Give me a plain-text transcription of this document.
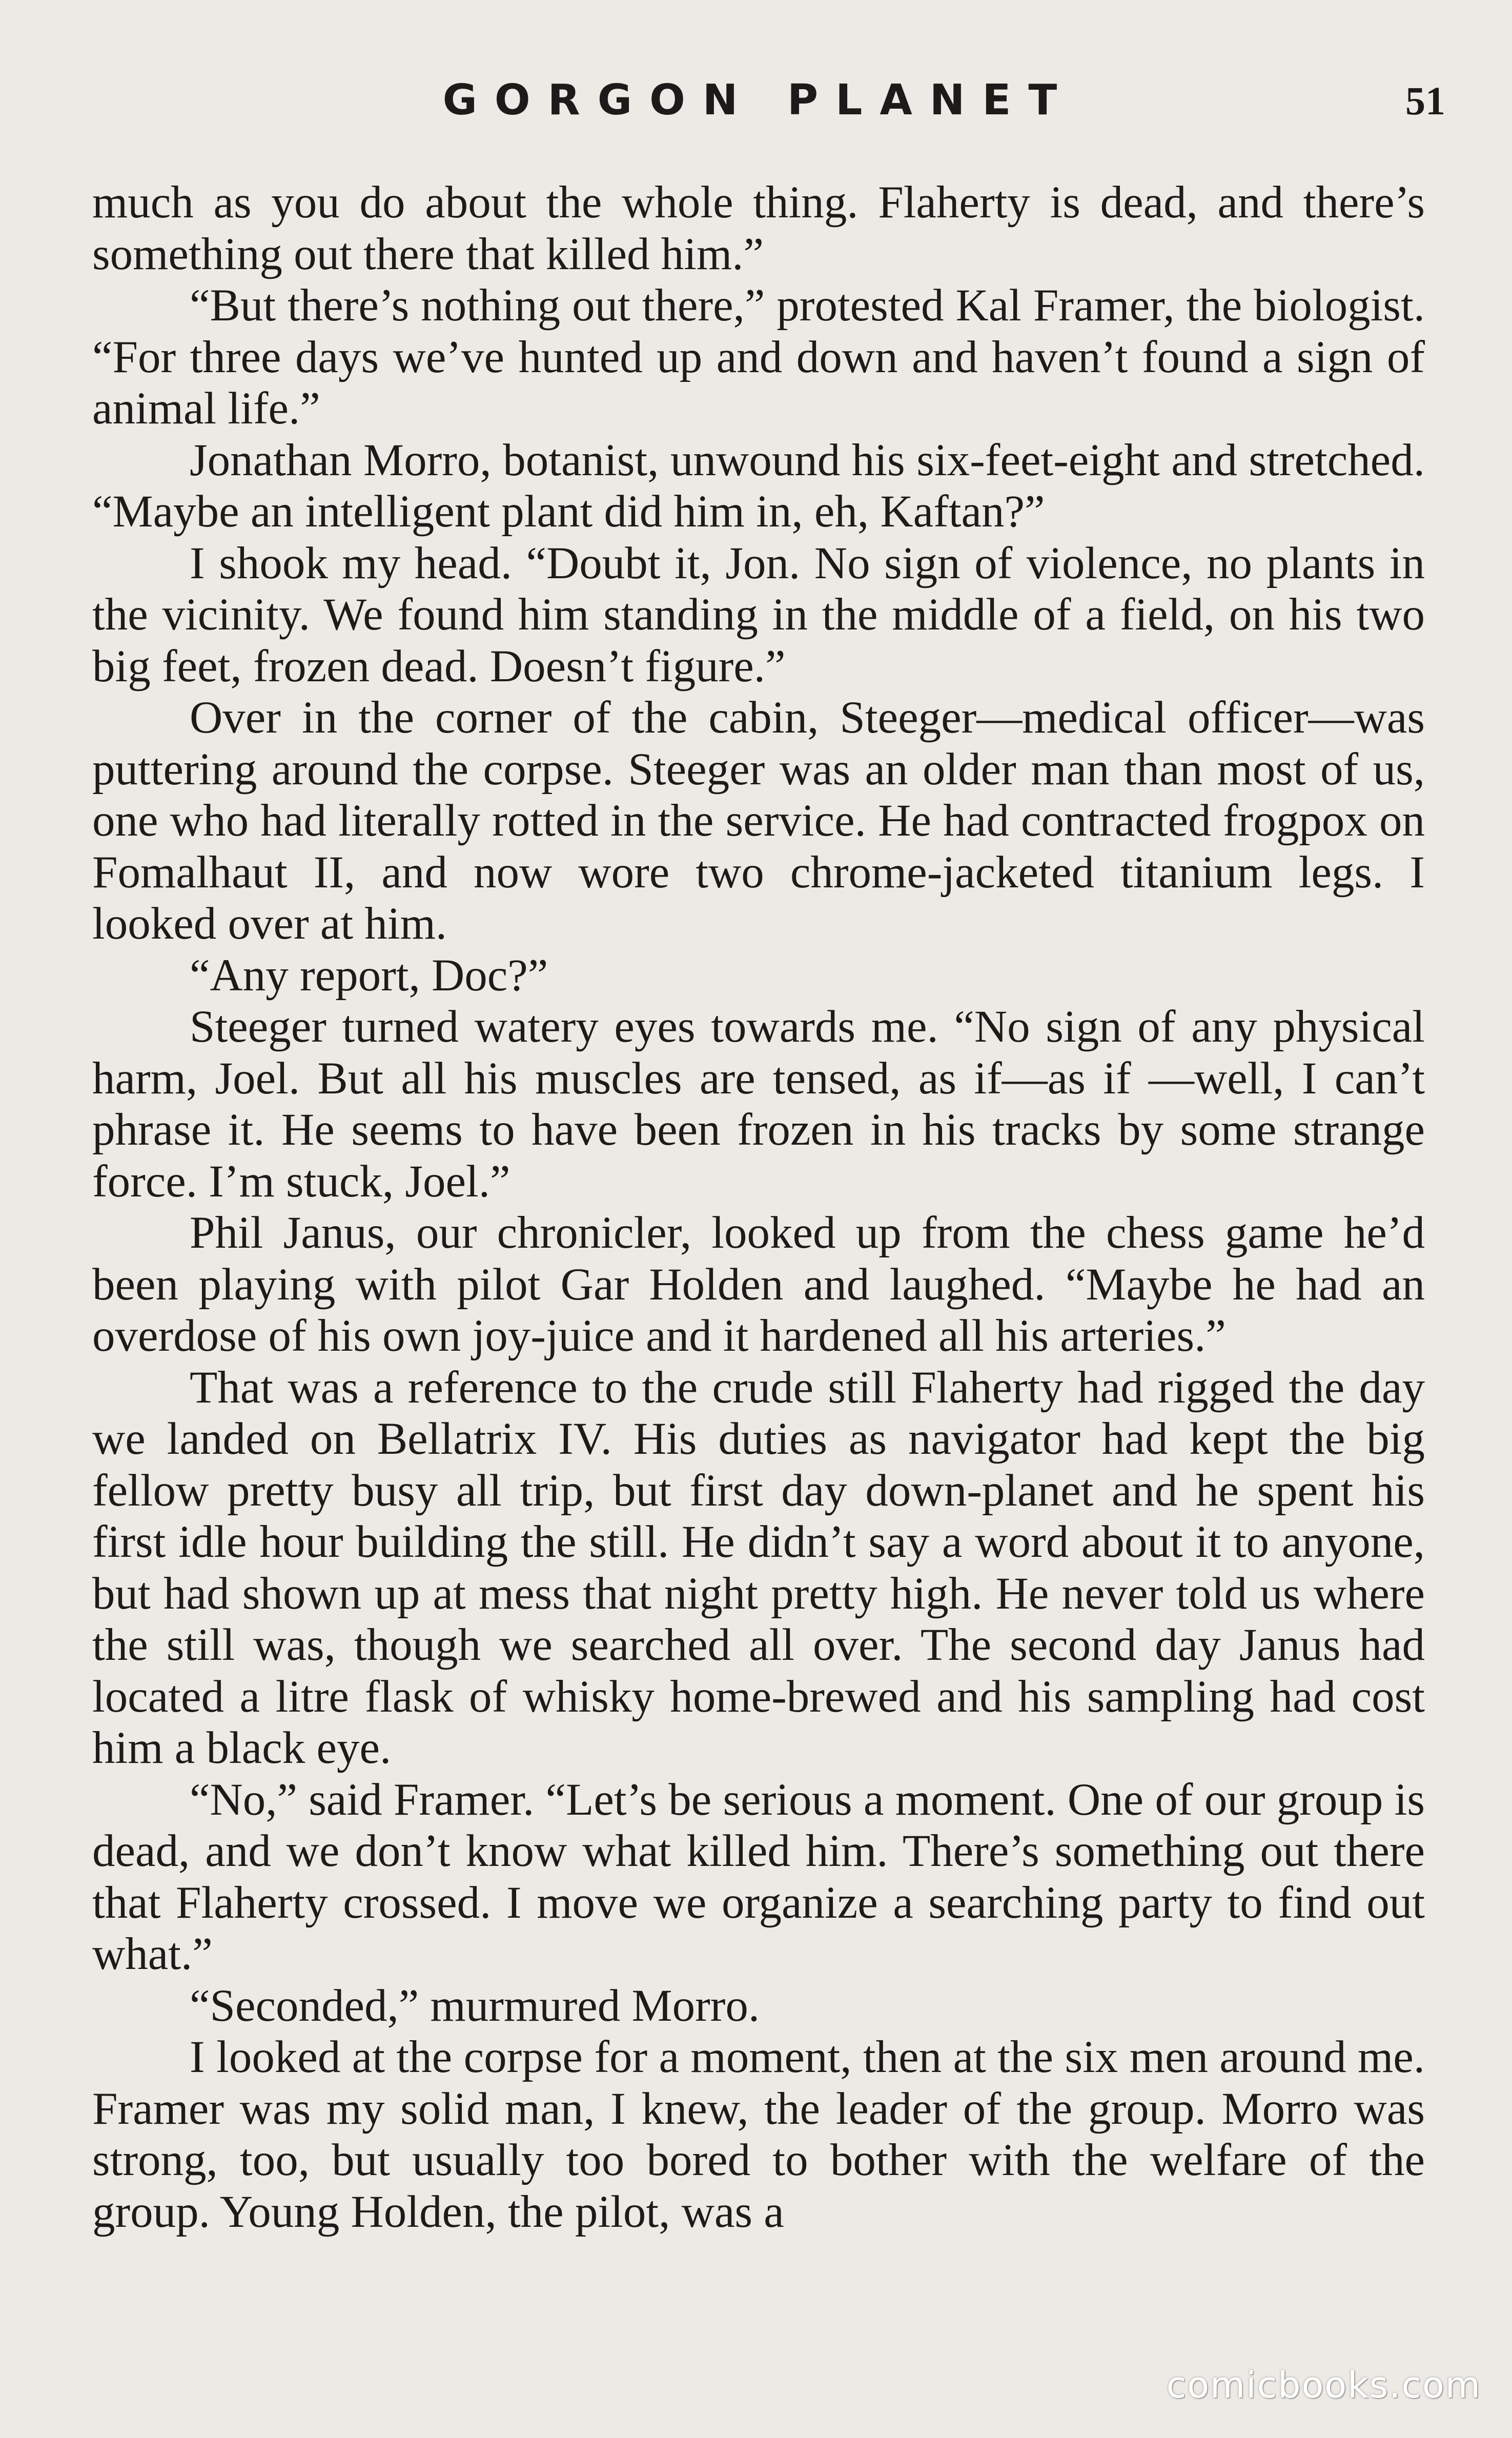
GORGON PLANET	51

much as you do about the whole thing. Flaherty is dead, and there’s something out there that killed him.”

“But there’s nothing out there,” protested Kal Framer, the biologist. “For three days we’ve hunted up and down and haven’t found a sign of animal life.”

Jonathan Morro, botanist, unwound his six-feet-eight and stretched. “Maybe an intelligent plant did him in, eh, Kaftan?”

I shook my head. “Doubt it, Jon. No sign of violence, no plants in the vicinity. We found him standing in the middle of a field, on his two big feet, frozen dead. Doesn’t figure.”

Over in the corner of the cabin, Steeger—medical officer—was puttering around the corpse. Steeger was an older man than most of us, one who had literally rotted in the service. He had contracted frogpox on Fomalhaut II, and now wore two chrome-jacketed titanium legs. I looked over at him.

“Any report, Doc?”

Steeger turned watery eyes towards me. “No sign of any physical harm, Joel. But all his muscles are tensed, as if—as if —well, I can’t phrase it. He seems to have been frozen in his tracks by some strange force. I’m stuck, Joel.”

Phil Janus, our chronicler, looked up from the chess game he’d been playing with pilot Gar Holden and laughed. “Maybe he had an overdose of his own joy-juice and it hardened all his arteries.”

That was a reference to the crude still Flaherty had rigged the day we landed on Bellatrix IV. His duties as navigator had kept the big fellow pretty busy all trip, but first day down-planet and he spent his first idle hour building the still. He didn’t say a word about it to anyone, but had shown up at mess that night pretty high. He never told us where the still was, though we searched all over. The second day Janus had located a litre flask of whisky home-brewed and his sampling had cost him a black eye.

“No,” said Framer. “Let’s be serious a moment. One of our group is dead, and we don’t know what killed him. There’s something out there that Flaherty crossed. I move we organize a searching party to find out what.”

“Seconded,” murmured Morro.

I looked at the corpse for a moment, then at the six men around me. Framer was my solid man, I knew, the leader of the group. Morro was strong, too, but usually too bored to bother with the welfare of the group. Young Holden, the pilot, was a

comicbooks.com
